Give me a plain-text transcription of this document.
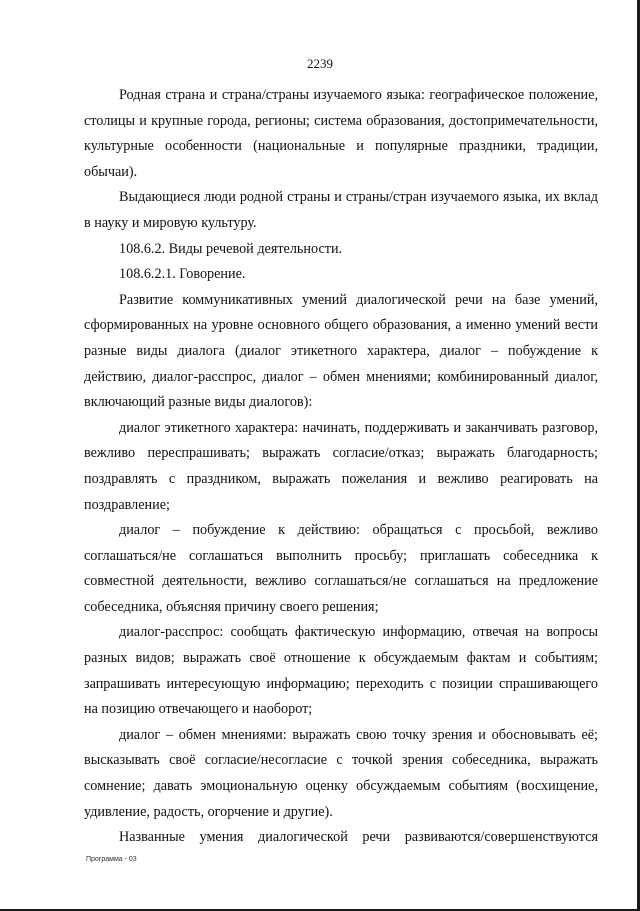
2239

Родная страна и страна/страны изучаемого языка: географическое положение, столицы и крупные города, регионы; система образования, достопримечательности, культурные особенности (национальные и популярные праздники, традиции, обычаи).

Выдающиеся люди родной страны и страны/стран изучаемого языка, их вклад в науку и мировую культуру.

108.6.2. Виды речевой деятельности.

108.6.2.1. Говорение.

Развитие коммуникативных умений диалогической речи на базе умений, сформированных на уровне основного общего образования, а именно умений вести разные виды диалога (диалог этикетного характера, диалог – побуждение к действию, диалог-расспрос, диалог – обмен мнениями; комбинированный диалог, включающий разные виды диалогов):

диалог этикетного характера: начинать, поддерживать и заканчивать разговор, вежливо переспрашивать; выражать согласие/отказ; выражать благодарность; поздравлять с праздником, выражать пожелания и вежливо реагировать на поздравление;

диалог – побуждение к действию: обращаться с просьбой, вежливо соглашаться/не соглашаться выполнить просьбу; приглашать собеседника к совместной деятельности, вежливо соглашаться/не соглашаться на предложение собеседника, объясняя причину своего решения;

диалог-расспрос: сообщать фактическую информацию, отвечая на вопросы разных видов; выражать своё отношение к обсуждаемым фактам и событиям; запрашивать интересующую информацию; переходить с позиции спрашивающего на позицию отвечающего и наоборот;

диалог – обмен мнениями: выражать свою точку зрения и обосновывать её; высказывать своё согласие/несогласие с точкой зрения собеседника, выражать сомнение; давать эмоциональную оценку обсуждаемым событиям (восхищение, удивление, радость, огорчение и другие).

Названные умения диалогической речи развиваются/совершенствуются

Программа - 03
